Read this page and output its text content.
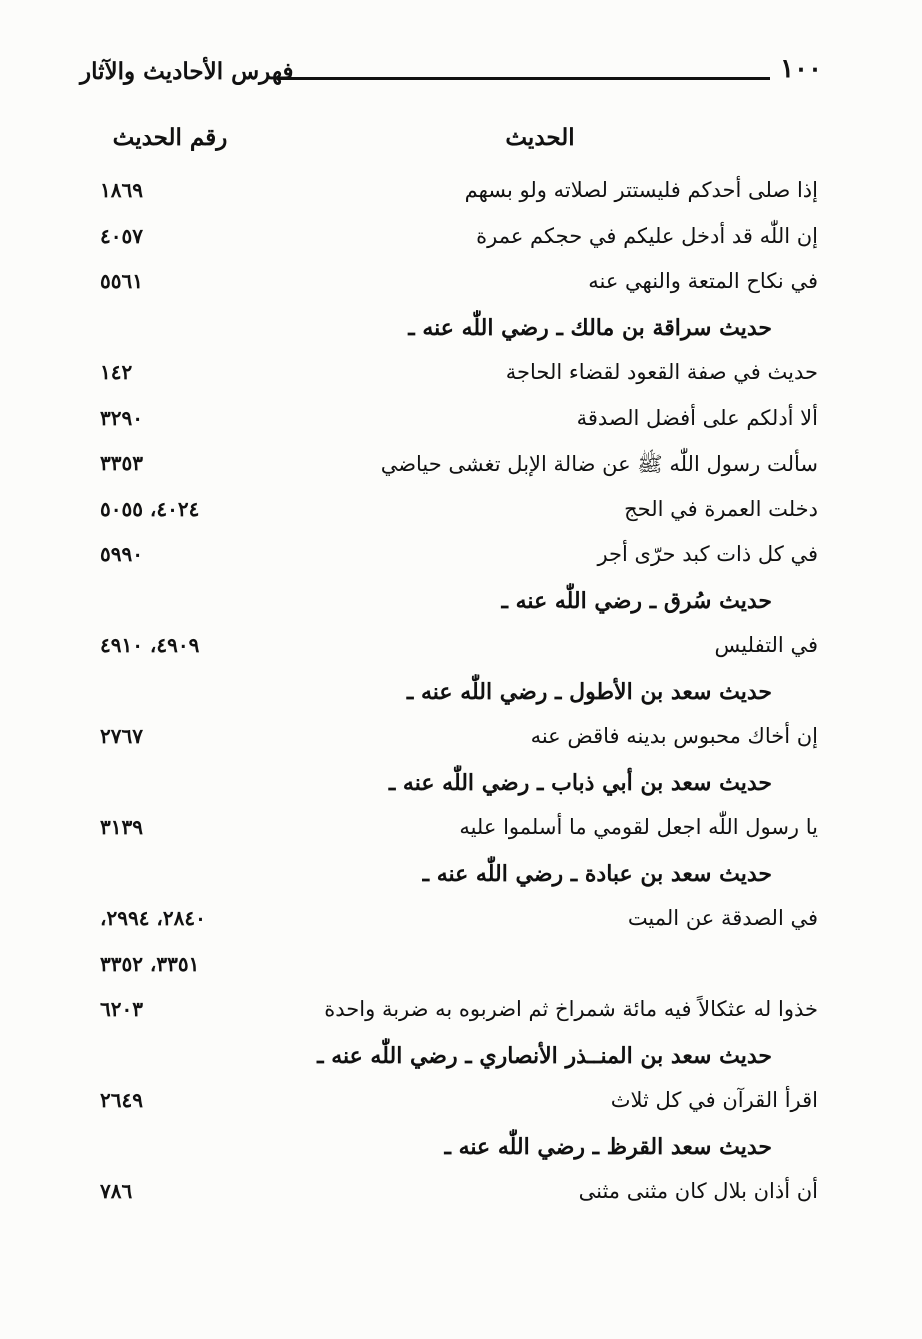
١٠٠
فهرس الأحاديث والآثار
الحديث
رقم الحديث
إذا صلى أحدكم فليستتر لصلاته ولو بسهم
١٨٦٩
إن اللّٰه قد أدخل عليكم في حجكم عمرة
٤٠٥٧
في نكاح المتعة والنهي عنه
٥٥٦١
حديث سراقة بن مالك ـ رضي اللّٰه عنه ـ
حديث في صفة القعود لقضاء الحاجة
١٤٢
ألا أدلكم على أفضل الصدقة
٣٢٩٠
سألت رسول اللّٰه ﷺ عن ضالة الإبل تغشى حياضي
٣٣٥٣
دخلت العمرة في الحج
٤٠٢٤، ٥٠٥٥
في كل ذات كبد حرّى أجر
٥٩٩٠
حديث سُرق ـ رضي اللّٰه عنه ـ
في التفليس
٤٩٠٩، ٤٩١٠
حديث سعد بن الأطول ـ رضي اللّٰه عنه ـ
إن أخاك محبوس بدينه فاقض عنه
٢٧٦٧
حديث سعد بن أبي ذباب ـ رضي اللّٰه عنه ـ
يا رسول اللّٰه اجعل لقومي ما أسلموا عليه
٣١٣٩
حديث سعد بن عبادة ـ رضي اللّٰه عنه ـ
في الصدقة عن الميت
٢٨٤٠، ٢٩٩٤،
٣٣٥١، ٣٣٥٢
خذوا له عثكالاً فيه مائة شمراخ ثم اضربوه به ضربة واحدة
٦٢٠٣
حديث سعد بن المنــذر الأنصاري ـ رضي اللّٰه عنه ـ
اقرأ القرآن في كل ثلاث
٢٦٤٩
حديث سعد القرظ ـ رضي اللّٰه عنه ـ
أن أذان بلال كان مثنى مثنى
٧٨٦
